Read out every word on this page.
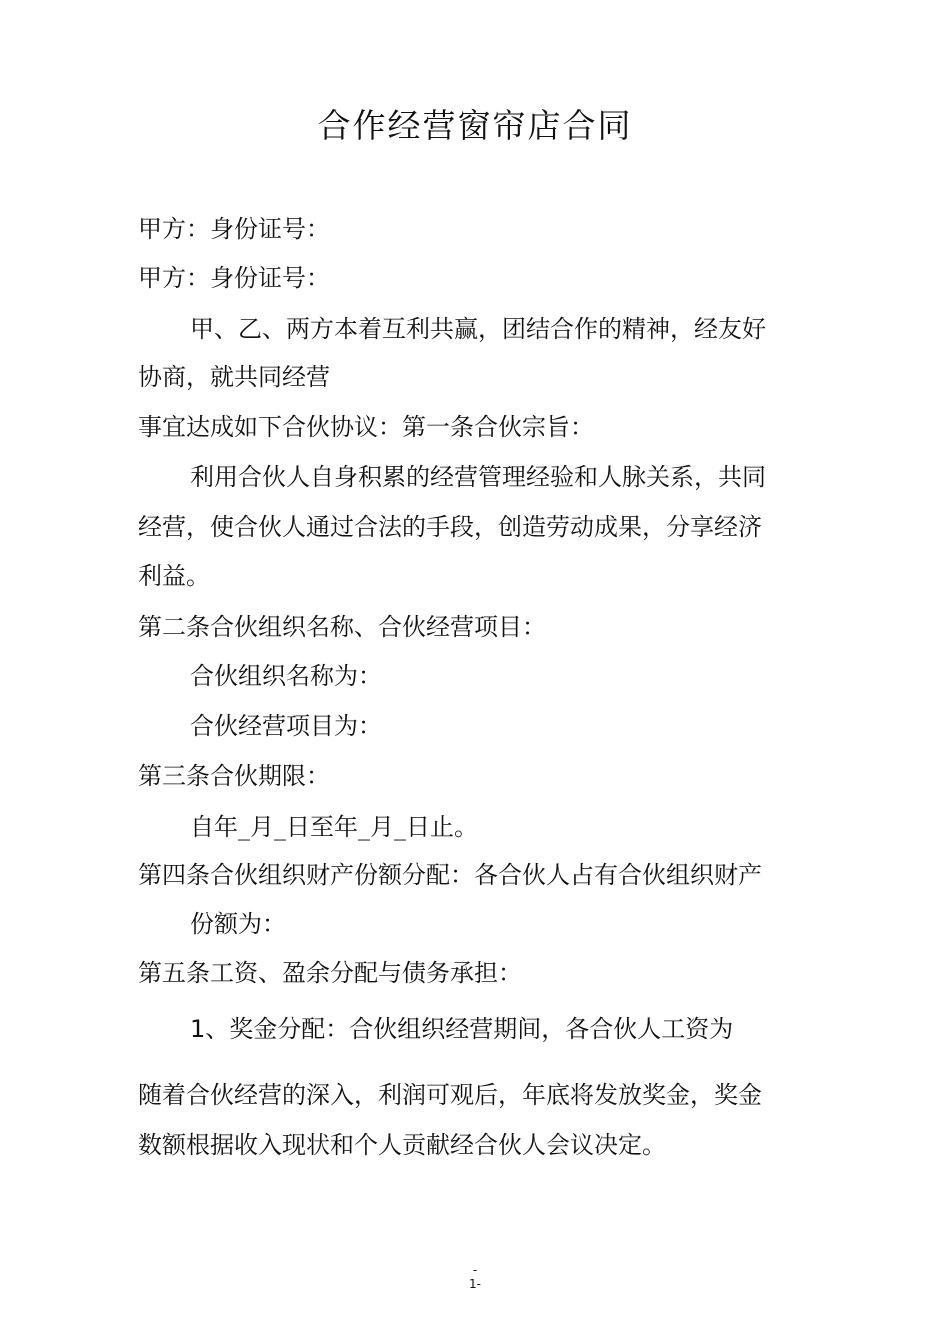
合作经营窗帘店合同

甲方：身份证号：

甲方：身份证号：

甲、乙、两方本着互利共赢，团结合作的精神，经友好

协商，就共同经营

事宜达成如下合伙协议：第一条合伙宗旨：

利用合伙人自身积累的经营管理经验和人脉关系，共同

经营，使合伙人通过合法的手段，创造劳动成果，分享经济

利益。

第二条合伙组织名称、合伙经营项目：

合伙组织名称为：

合伙经营项目为：

第三条合伙期限：

自年_月_日至年_月_日止。

第四条合伙组织财产份额分配：各合伙人占有合伙组织财产

份额为：

第五条工资、盈余分配与债务承担：

1、奖金分配：合伙组织经营期间，各合伙人工资为

随着合伙经营的深入，利润可观后，年底将发放奖金，奖金

数额根据收入现状和个人贡献经合伙人会议决定。

-
1-
